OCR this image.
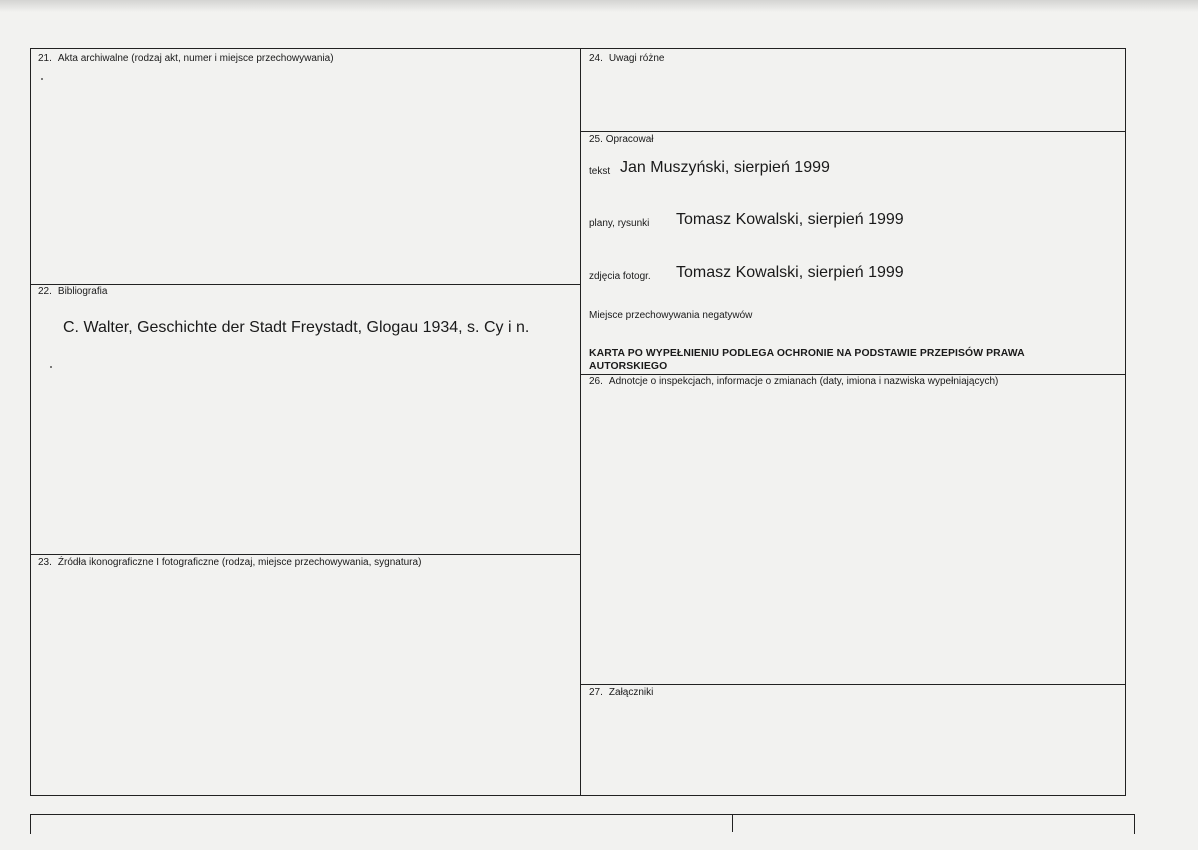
21. Akta archiwalne (rodzaj akt, numer i miejsce przechowywania)
22. Bibliografia
C. Walter, Geschichte der Stadt Freystadt, Glogau 1934, s. Cy i n.
23. Źródła ikonograficzne I fotograficzne (rodzaj, miejsce przechowywania, sygnatura)
24. Uwagi różne
25. Opracował
tekst Jan Muszyński, sierpień 1999
plany, rysunki Tomasz Kowalski, sierpień 1999
zdjęcia fotogr. Tomasz Kowalski, sierpień 1999
Miejsce przechowywania negatywów
KARTA PO WYPEŁNIENIU PODLEGA OCHRONIE NA PODSTAWIE PRZEPISÓW PRAWA
AUTORSKIEGO
26. Adnotcje o inspekcjach, informacje o zmianach (daty, imiona i nazwiska wypełniających)
27. Załączniki
